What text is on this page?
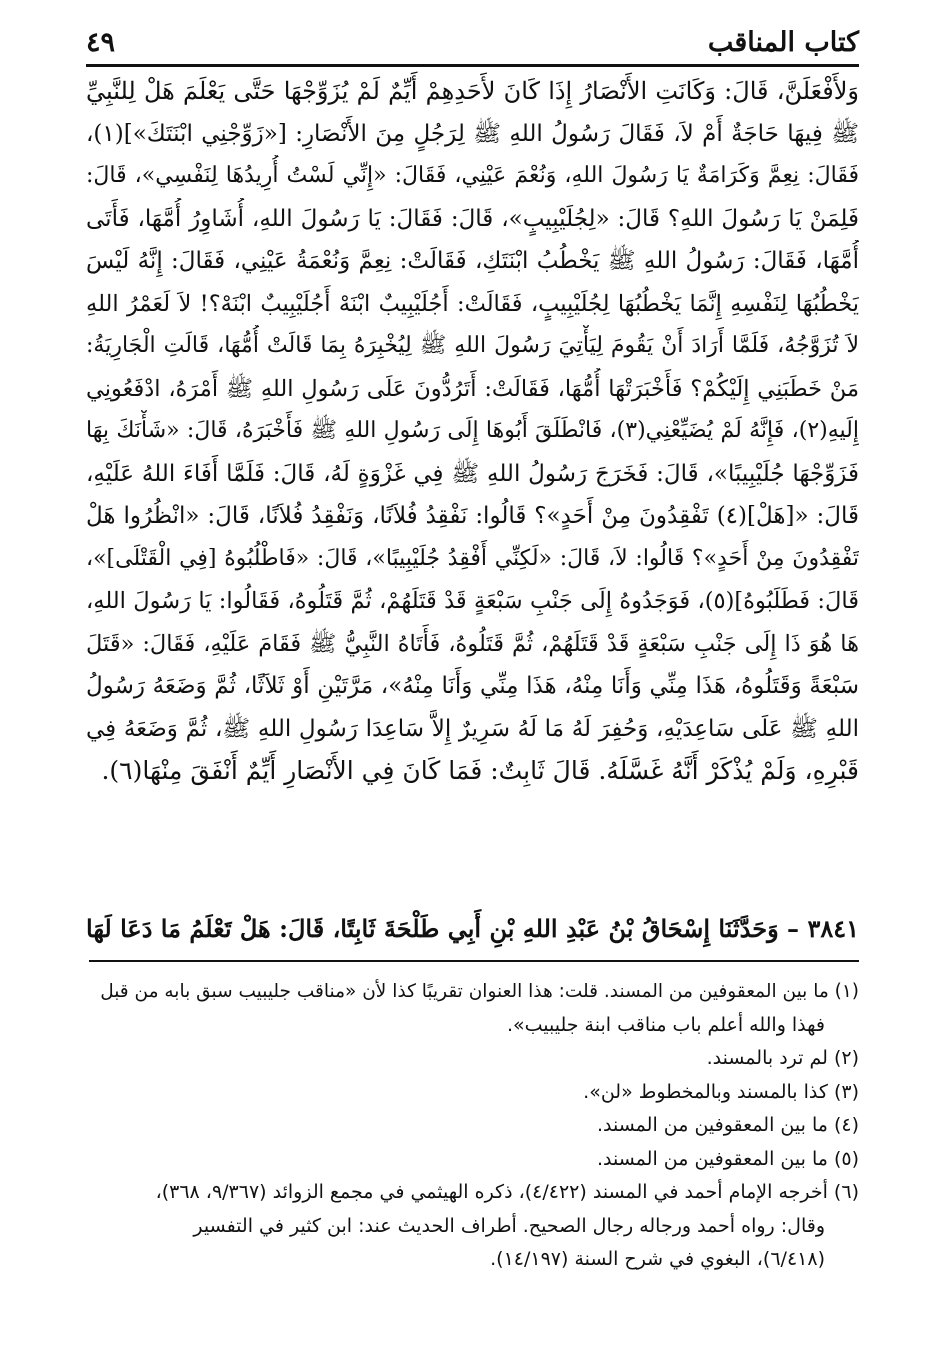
كتاب المناقب
٤٩
وَلأَفْعَلَنَّ، قَالَ: وَكَانَتِ الأَنْصَارُ إِذَا كَانَ لأَحَدِهِمْ أَيِّمٌ لَمْ يُزَوِّجْهَا حَتَّى يَعْلَمَ هَلْ لِلنَّبِيِّ
ﷺ فِيهَا حَاجَةٌ أَمْ لاَ، فَقَالَ رَسُولُ اللهِ ﷺ لِرَجُلٍ مِنَ الأَنْصَارِ: [«زَوِّجْنِي ابْنَتَكَ»](١)،
فَقَالَ: نِعِمَّ وَكَرَامَةٌ يَا رَسُولَ اللهِ، وَنُعْمَ عَيْنِي، فَقَالَ: «إِنِّي لَسْتُ أُرِيدُهَا لِنَفْسِي»، قَالَ:
فَلِمَنْ يَا رَسُولَ اللهِ؟ قَالَ: «لِجُلَيْبِيبٍ»، قَالَ: فَقَالَ: يَا رَسُولَ اللهِ، أُشَاوِرُ أُمَّهَا، فَأَتَى
أُمَّهَا، فَقَالَ: رَسُولُ اللهِ ﷺ يَخْطُبُ ابْنَتَكِ، فَقَالَتْ: نِعِمَّ وَنُعْمَةُ عَيْنِي، فَقَالَ: إِنَّهُ لَيْسَ
يَخْطُبُهَا لِنَفْسِهِ إِنَّمَا يَخْطُبُهَا لِجُلَيْبِيبٍ، فَقَالَتْ: أَجُلَيْبِيبٌ ابْنَهْ أَجُلَيْبِيبٌ ابْنَهْ؟! لاَ لَعَمْرُ اللهِ
لاَ تُزَوَّجُهُ، فَلَمَّا أَرَادَ أَنْ يَقُومَ لِيَأْتِيَ رَسُولَ اللهِ ﷺ لِيُخْبِرَهُ بِمَا قَالَتْ أُمُّهَا، قَالَتِ الْجَارِيَةُ:
مَنْ خَطَبَنِي إِلَيْكُمْ؟ فَأَخْبَرَتْهَا أُمُّهَا، فَقَالَتْ: أَتَرُدُّونَ عَلَى رَسُولِ اللهِ ﷺ أَمْرَهُ، ادْفَعُونِي
إِلَيهِ(٢)، فَإِنَّهُ لَمْ يُضَيِّعْنِي(٣)، فَانْطَلَقَ أَبُوهَا إِلَى رَسُولِ اللهِ ﷺ فَأَخْبَرَهُ، قَالَ: «شَأْنَكَ بِهَا
فَزَوِّجْهَا جُلَيْبِيبًا»، قَالَ: فَخَرَجَ رَسُولُ اللهِ ﷺ فِي غَزْوَةٍ لَهُ، قَالَ: فَلَمَّا أَفَاءَ اللهُ عَلَيْهِ،
قَالَ: «[هَلْ](٤) تَفْقِدُونَ مِنْ أَحَدٍ»؟ قَالُوا: نَفْقِدُ فُلاَنًا، وَنَفْقِدُ فُلاَنًا، قَالَ: «انْظُرُوا هَلْ
تَفْقِدُونَ مِنْ أَحَدٍ»؟ قَالُوا: لاَ، قَالَ: «لَكِنِّي أَفْقِدُ جُلَيْبِيبًا»، قَالَ: «فَاطْلُبُوهُ [فِي الْقَتْلَى]»،
قَالَ: فَطَلَبُوهُ](٥)، فَوَجَدُوهُ إِلَى جَنْبِ سَبْعَةٍ قَدْ قَتَلَهُمْ، ثُمَّ قَتَلُوهُ، فَقَالُوا: يَا رَسُولَ اللهِ،
هَا هُوَ ذَا إِلَى جَنْبِ سَبْعَةٍ قَدْ قَتَلَهُمْ، ثُمَّ قَتَلُوهُ، فَأَتَاهُ النَّبِيُّ ﷺ فَقَامَ عَلَيْهِ، فَقَالَ: «قَتَلَ
سَبْعَةً وَقَتَلُوهُ، هَذَا مِنِّي وَأَنَا مِنْهُ، هَذَا مِنِّي وَأَنَا مِنْهُ»، مَرَّتَيْنِ أَوْ ثَلاَثًا، ثُمَّ وَضَعَهُ رَسُولُ
اللهِ ﷺ عَلَى سَاعِدَيْهِ، وَحُفِرَ لَهُ مَا لَهُ سَرِيرٌ إِلاَّ سَاعِدَا رَسُولِ اللهِ ﷺ، ثُمَّ وَضَعَهُ فِي
قَبْرِهِ، وَلَمْ يُذْكَرْ أَنَّهُ غَسَّلَهُ. قَالَ ثَابِتٌ: فَمَا كَانَ فِي الأَنْصَارِ أَيِّمٌ أَنْفَقَ مِنْهَا(٦).
٣٨٤١ – وَحَدَّثَنَا إِسْحَاقُ بْنُ عَبْدِ اللهِ بْنِ أَبِي طَلْحَةَ ثَابِتًا، قَالَ: هَلْ تَعْلَمُ مَا دَعَا لَهَا
(١) ما بين المعقوفين من المسند. قلت: هذا العنوان تقريبًا كذا لأن «مناقب جليبيب سبق بابه من قبل
فهذا والله أعلم باب مناقب ابنة جليبيب».
(٢) لم ترد بالمسند.
(٣) كذا بالمسند وبالمخطوط «لن».
(٤) ما بين المعقوفين من المسند.
(٥) ما بين المعقوفين من المسند.
(٦) أخرجه الإمام أحمد في المسند (٤/٤٢٢)، ذكره الهيثمي في مجمع الزوائد (٩/٣٦٧، ٣٦٨)،
وقال: رواه أحمد ورجاله رجال الصحيح. أطراف الحديث عند: ابن كثير في التفسير
(٦/٤١٨)، البغوي في شرح السنة (١٤/١٩٧).
